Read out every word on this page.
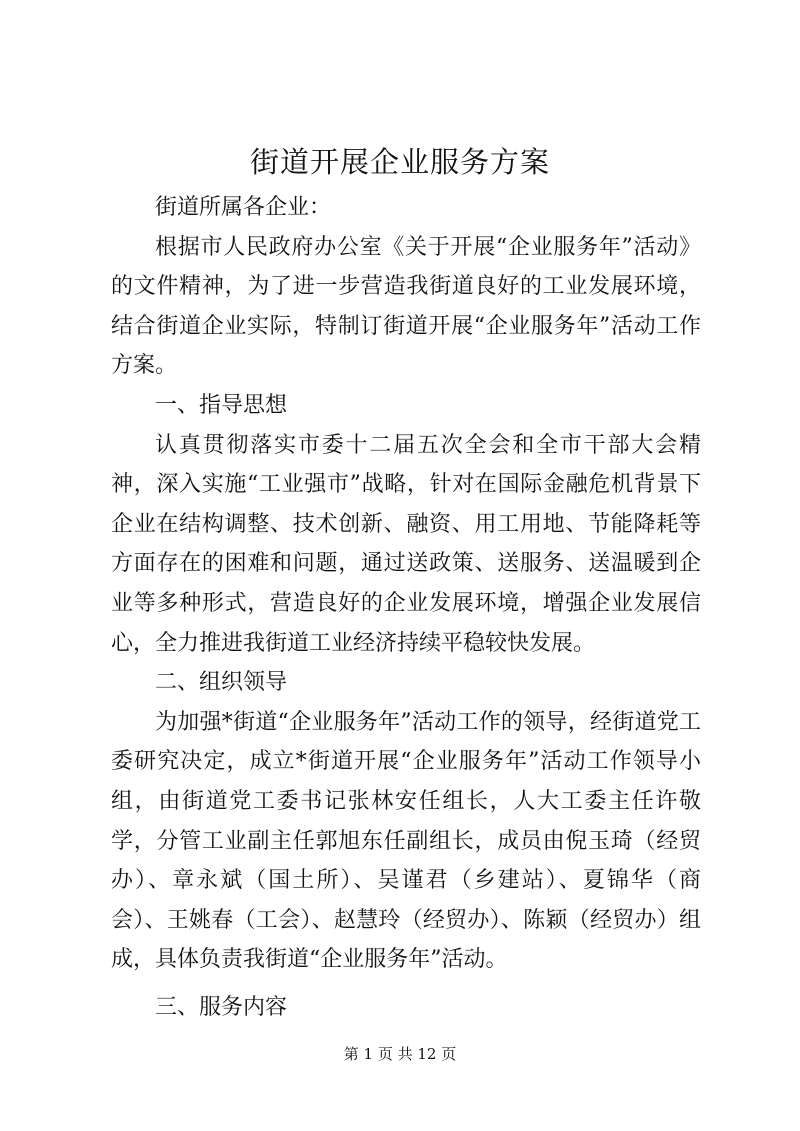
街道开展企业服务方案

街道所属各企业：

根据市人民政府办公室《关于开展“企业服务年”活动》的文件精神，为了进一步营造我街道良好的工业发展环境，结合街道企业实际，特制订街道开展“企业服务年”活动工作方案。

一、指导思想

认真贯彻落实市委十二届五次全会和全市干部大会精神，深入实施“工业强市”战略，针对在国际金融危机背景下企业在结构调整、技术创新、融资、用工用地、节能降耗等方面存在的困难和问题，通过送政策、送服务、送温暖到企业等多种形式，营造良好的企业发展环境，增强企业发展信心，全力推进我街道工业经济持续平稳较快发展。

二、组织领导

为加强*街道“企业服务年”活动工作的领导，经街道党工委研究决定，成立*街道开展“企业服务年”活动工作领导小组，由街道党工委书记张林安任组长，人大工委主任许敬学，分管工业副主任郭旭东任副组长，成员由倪玉琦（经贸办）、章永斌（国土所）、吴谨君（乡建站）、夏锦华（商会）、王姚春（工会）、赵慧玲（经贸办）、陈颖（经贸办）组成，具体负责我街道“企业服务年”活动。

三、服务内容

第 1 页 共 12 页
